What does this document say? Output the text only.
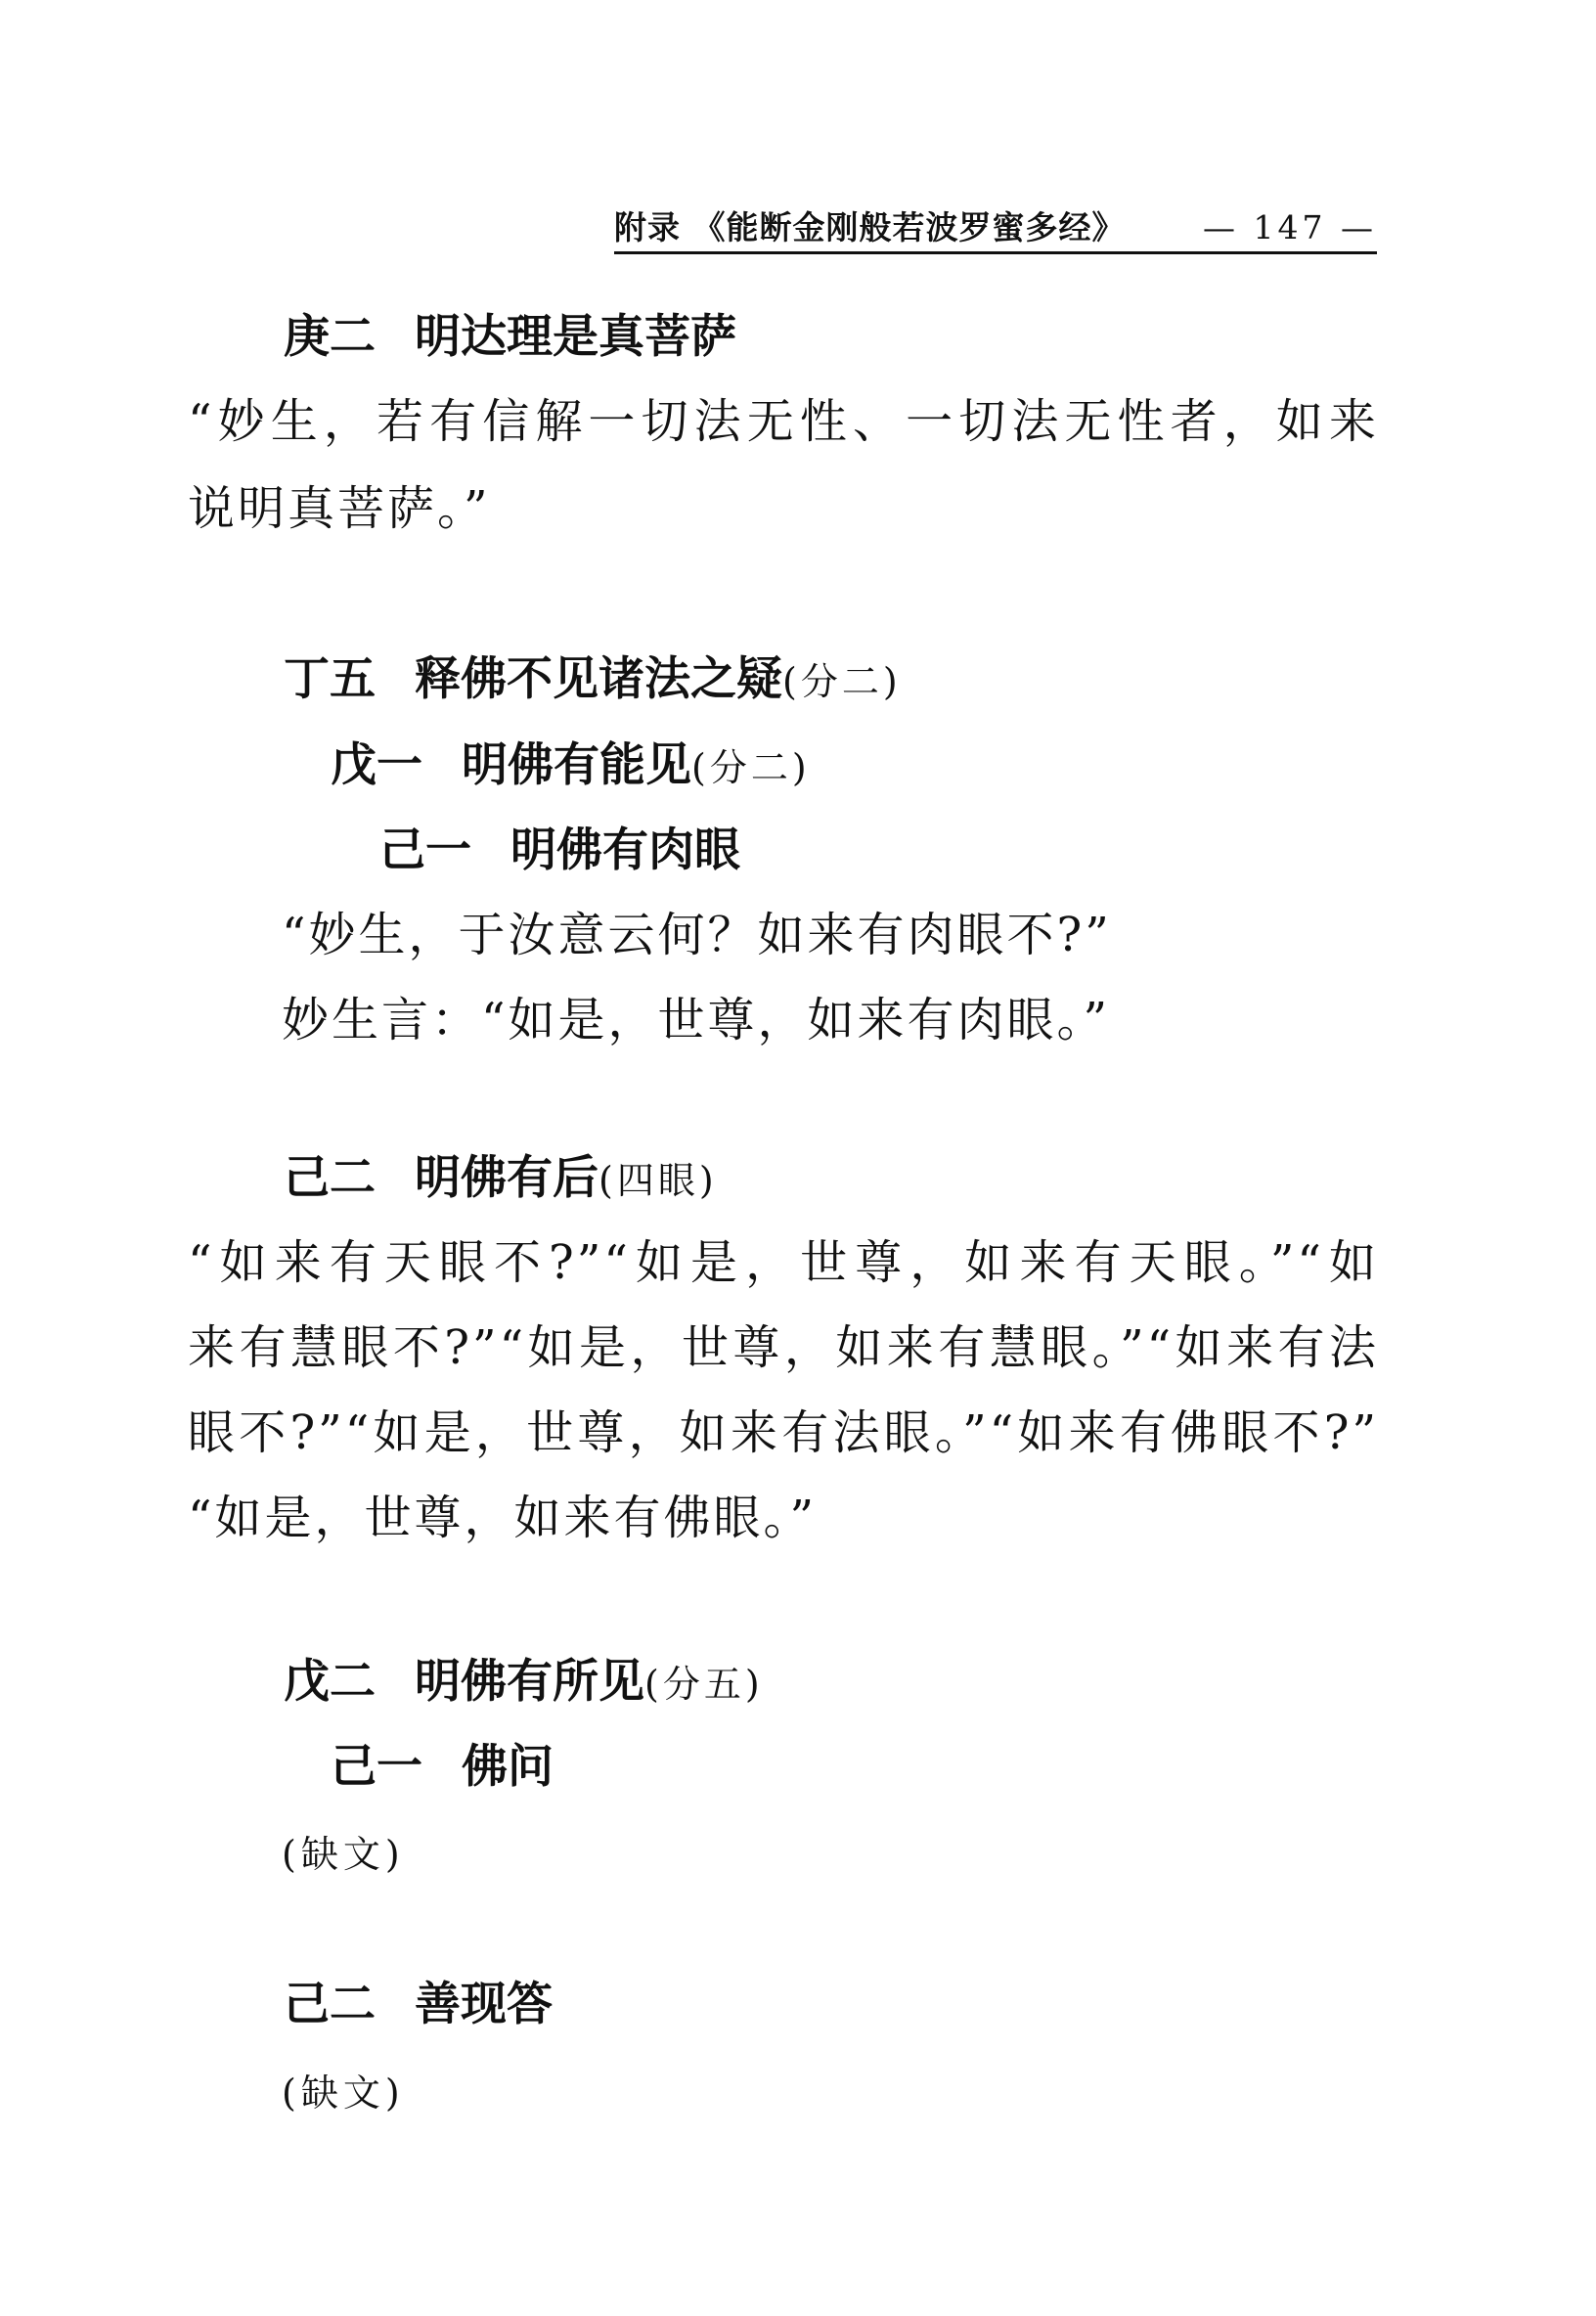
附录 《能断金刚般若波罗蜜多经》 — 147 —
庚二 明达理是真菩萨
“妙生，若有信解一切法无性、一切法无性者，如来
说明真菩萨。”
丁五 释佛不见诸法之疑(分二)
戊一 明佛有能见(分二)
己一 明佛有肉眼
“妙生，于汝意云何？如来有肉眼不?”
妙生言：“如是，世尊，如来有肉眼。”
己二 明佛有后(四眼)
“如来有天眼不?”“如是，世尊，如来有天眼。”“如
来有慧眼不?”“如是，世尊，如来有慧眼。”“如来有法
眼不?”“如是，世尊，如来有法眼。”“如来有佛眼不?”
“如是，世尊，如来有佛眼。”
戊二 明佛有所见(分五)
己一 佛问
(缺文)
己二 善现答
(缺文)
